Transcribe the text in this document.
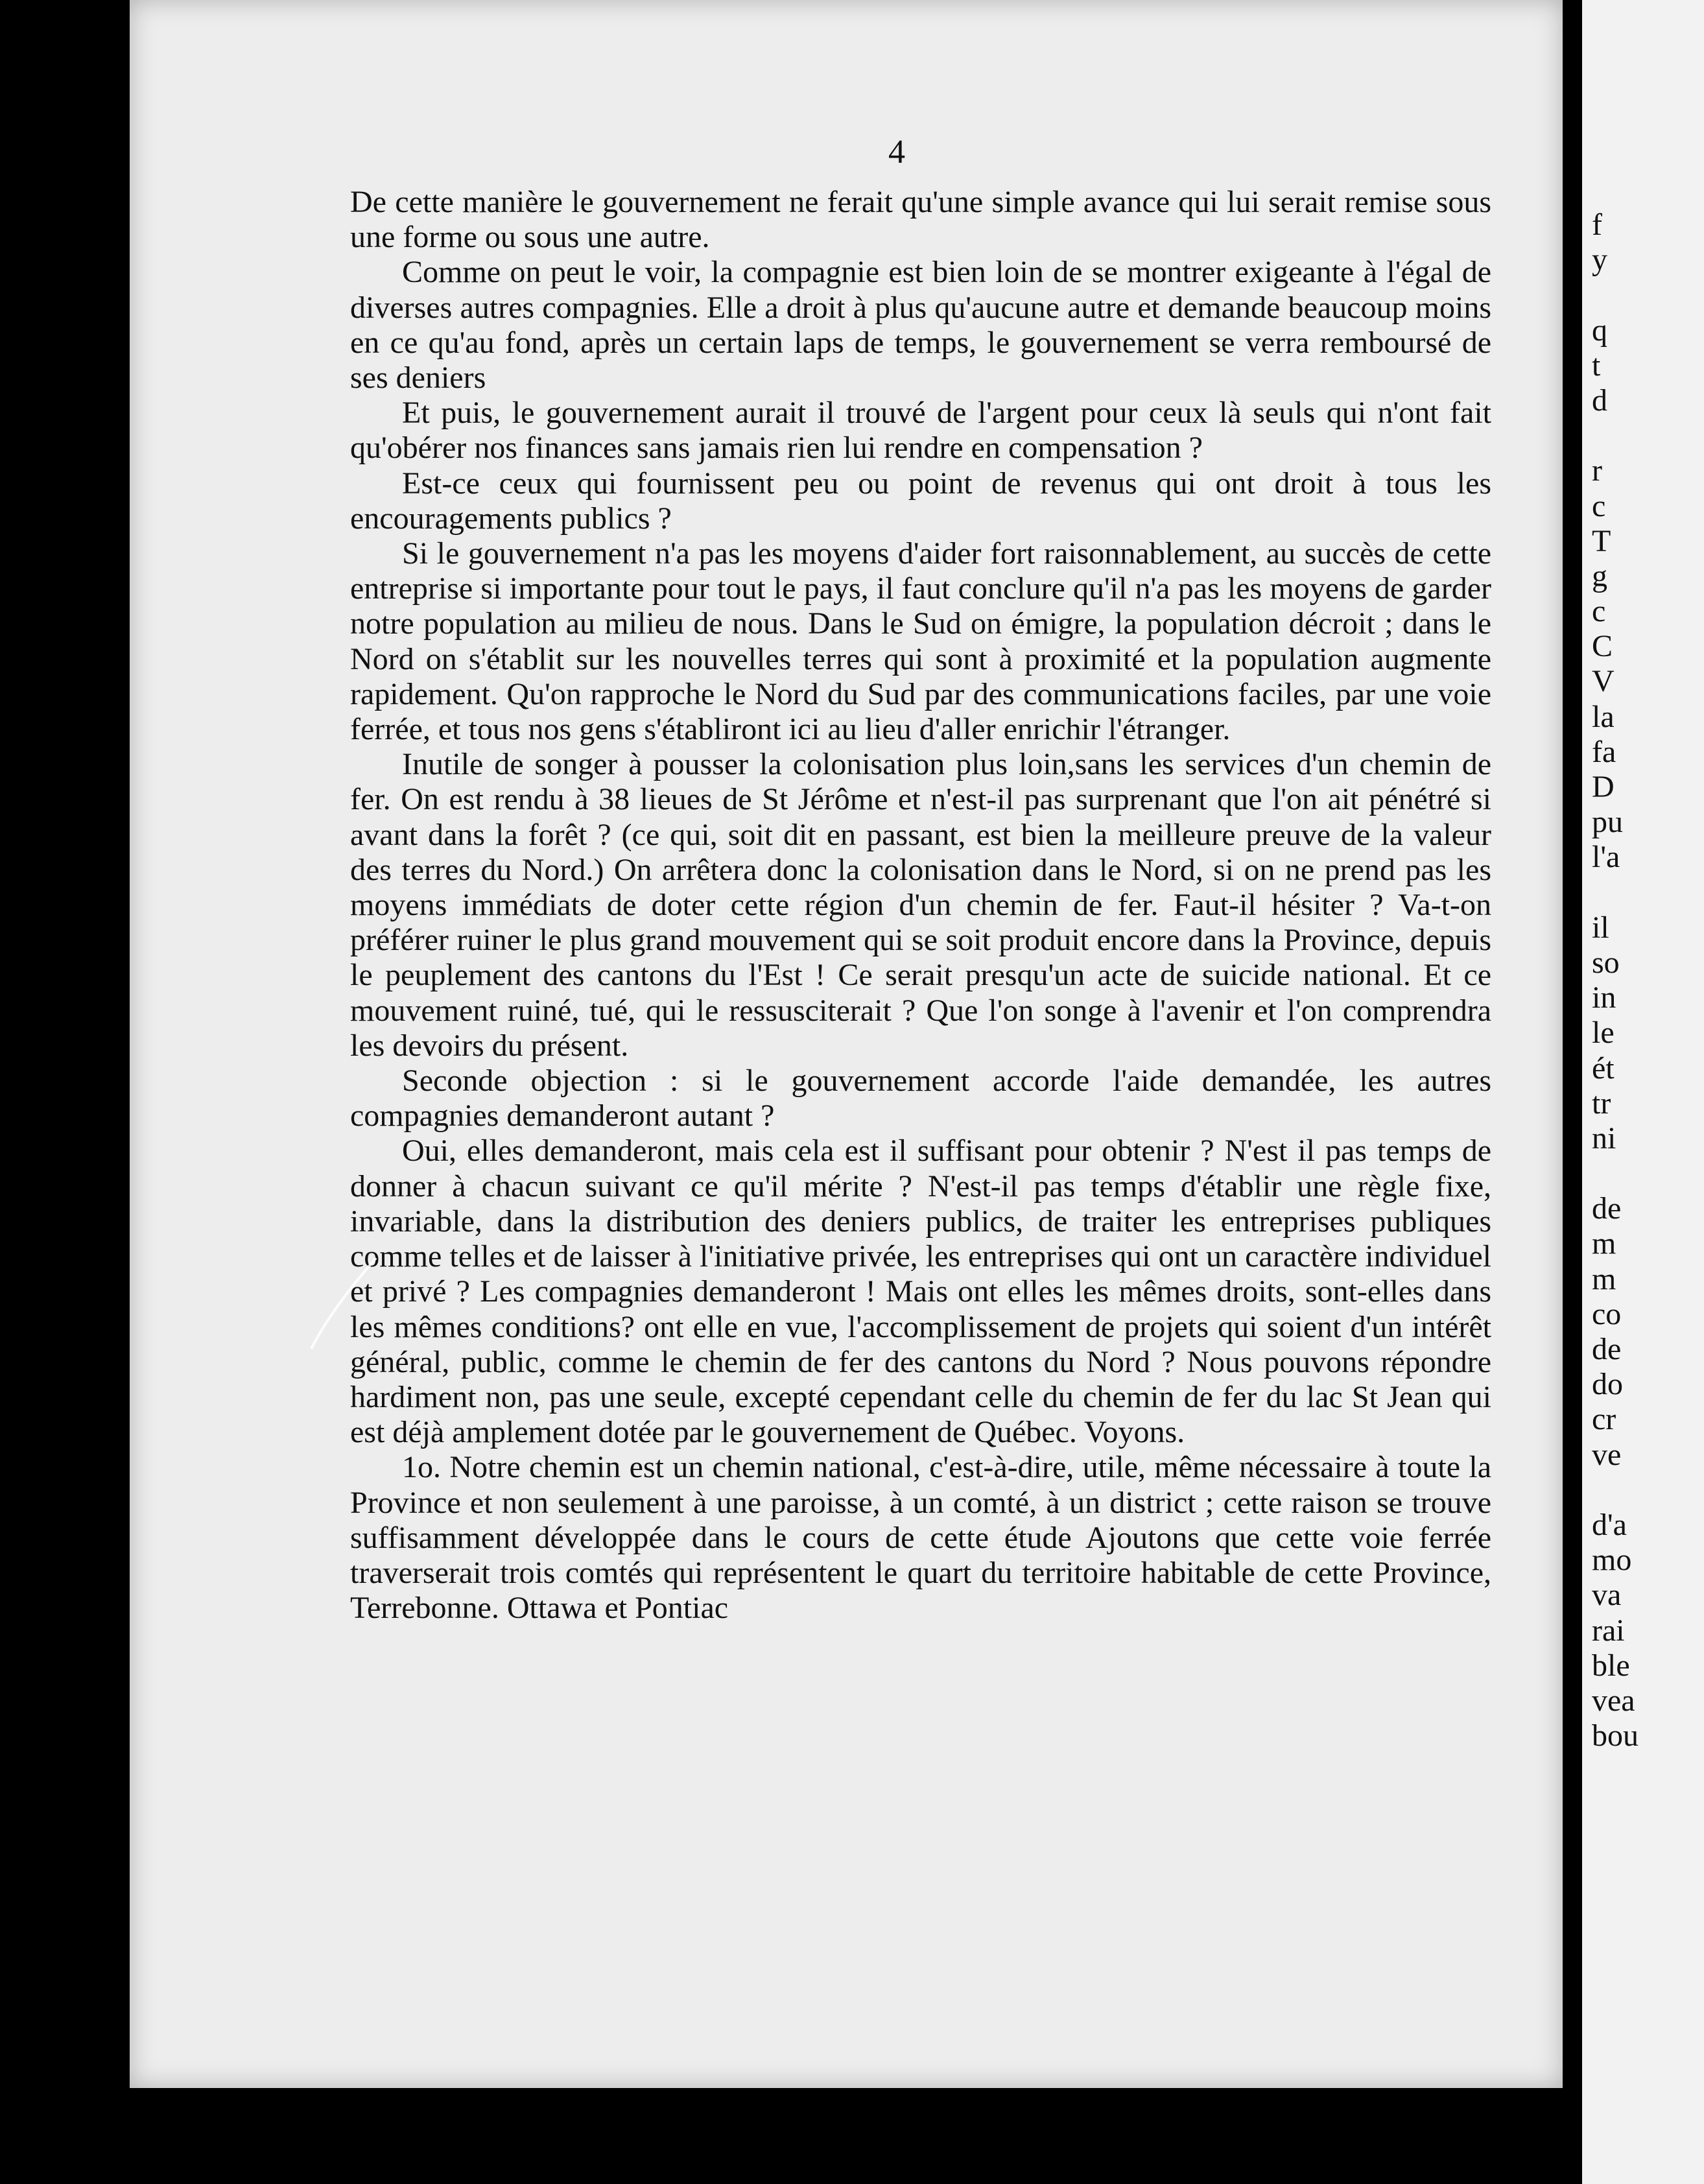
4

De cette manière le gouvernement ne ferait qu'une simple avance qui lui serait remise sous une forme ou sous une autre.

Comme on peut le voir, la compagnie est bien loin de se montrer exigeante à l'égal de diverses autres compagnies. Elle a droit à plus qu'aucune autre et demande beaucoup moins en ce qu'au fond, après un certain laps de temps, le gouvernement se verra remboursé de ses deniers

Et puis, le gouvernement aurait il trouvé de l'argent pour ceux là seuls qui n'ont fait qu'obérer nos finances sans jamais rien lui rendre en compensation ?

Est-ce ceux qui fournissent peu ou point de revenus qui ont droit à tous les encouragements publics ?

Si le gouvernement n'a pas les moyens d'aider fort raisonnablement, au succès de cette entreprise si importante pour tout le pays, il faut conclure qu'il n'a pas les moyens de garder notre population au milieu de nous. Dans le Sud on émigre, la population décroit ; dans le Nord on s'établit sur les nouvelles terres qui sont à proximité et la population augmente rapidement. Qu'on rapproche le Nord du Sud par des communications faciles, par une voie ferrée, et tous nos gens s'établiront ici au lieu d'aller enrichir l'étranger.

Inutile de songer à pousser la colonisation plus loin,sans les services d'un chemin de fer. On est rendu à 38 lieues de St Jérôme et n'est-il pas surprenant que l'on ait pénétré si avant dans la forêt ? (ce qui, soit dit en passant, est bien la meilleure preuve de la valeur des terres du Nord.) On arrêtera donc la colonisation dans le Nord, si on ne prend pas les moyens immédiats de doter cette région d'un chemin de fer. Faut-il hésiter ? Va-t-on préférer ruiner le plus grand mouvement qui se soit produit encore dans la Province, depuis le peuplement des cantons du l'Est ! Ce serait presqu'un acte de suicide national. Et ce mouvement ruiné, tué, qui le ressusciterait ? Que l'on songe à l'avenir et l'on comprendra les devoirs du présent.

Seconde objection : si le gouvernement accorde l'aide demandée, les autres compagnies demanderont autant ?

Oui, elles demanderont, mais cela est il suffisant pour obtenir ? N'est il pas temps de donner à chacun suivant ce qu'il mérite ? N'est-il pas temps d'établir une règle fixe, invariable, dans la distribution des deniers publics, de traiter les entreprises publiques comme telles et de laisser à l'initiative privée, les entreprises qui ont un caractère individuel et privé ? Les compagnies demanderont ! Mais ont elles les mêmes droits, sont-elles dans les mêmes conditions? ont elle en vue, l'accomplissement de projets qui soient d'un intérêt général, public, comme le chemin de fer des cantons du Nord ? Nous pouvons répondre hardiment non, pas une seule, excepté cependant celle du chemin de fer du lac St Jean qui est déjà amplement dotée par le gouvernement de Québec. Voyons.

1o. Notre chemin est un chemin national, c'est-à-dire, utile, même nécessaire à toute la Province et non seulement à une paroisse, à un comté, à un district ; cette raison se trouve suffisamment développée dans le cours de cette étude Ajoutons que cette voie ferrée traverserait trois comtés qui représentent le quart du territoire habitable de cette Province, Terrebonne. Ottawa et Pontiac

f
y
q
t
d
r
c
T
g
c
C
V
la
fa
D
pu
l'a
il
so
in
le
ét
tr
ni
de
m
m
co
de
do
cr
ve
d'a
mo
va
rai
ble
vea
bou
